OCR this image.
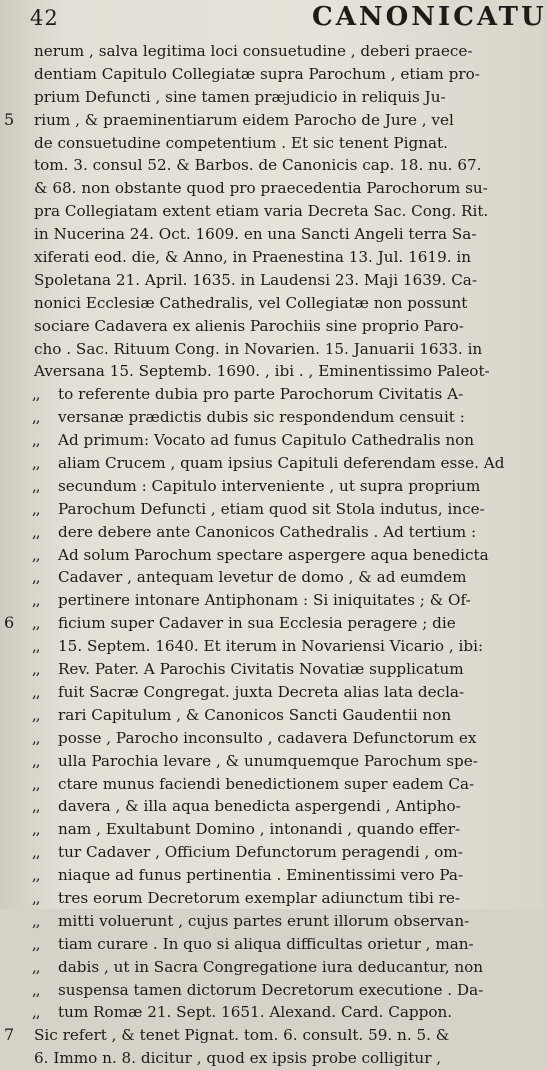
42	CANONICATU
nerum , salva legitima loci consuetudine , deberi praece-
dentiam Capitulo Collegiatæ supra Parochum , etiam pro-
prium Defuncti , sine tamen præjudicio in reliquis Ju-
5 rium , & praeminentiarum eidem Parocho de Jure , vel
de consuetudine competentium . Et sic tenent Pignat.
tom. 3. consul 52. & Barbos. de Canonicis cap. 18. nu. 67.
& 68. non obstante quod pro praecedentia Parochorum su-
pra Collegiatam extent etiam varia Decreta Sac. Cong. Rit.
in Nucerina 24. Oct. 1609. en una Sancti Angeli terra Sa-
xiferati eod. die, & Anno, in Praenestina 13. Jul. 1619. in
Spoletana 21. April. 1635. in Laudensi 23. Maji 1639. Ca-
nonici Ecclesiæ Cathedralis, vel Collegiatæ non possunt
sociare Cadavera ex alienis Parochiis sine proprio Paro-
cho . Sac. Rituum Cong. in Novarien. 15. Januarii 1633. in
Aversana 15. Septemb. 1690. , ibi . , Eminentissimo Paleot-
,, to referente dubia pro parte Parochorum Civitatis A-
,, versanæ prædictis dubis sic respondendum censuit :
,, Ad primum: Vocato ad funus Capitulo Cathedralis non
,, aliam Crucem , quam ipsius Capituli deferendam esse. Ad
,, secundum : Capitulo interveniente , ut supra proprium
,, Parochum Defuncti , etiam quod sit Stola indutus, ince-
,, dere debere ante Canonicos Cathedralis . Ad tertium :
,, Ad solum Parochum spectare aspergere aqua benedicta
,, Cadaver , antequam levetur de domo , & ad eumdem
,, pertinere intonare Antiphonam : Si iniquitates ; & Of-
6 ,, ficium super Cadaver in sua Ecclesia peragere ; die
,, 15. Septem. 1640. Et iterum in Novariensi Vicario , ibi:
,, Rev. Pater. A Parochis Civitatis Novatiæ supplicatum
,, fuit Sacræ Congregat. juxta Decreta alias lata decla-
,, rari Capitulum , & Canonicos Sancti Gaudentii non
,, posse , Parocho inconsulto , cadavera Defunctorum ex
,, ulla Parochia levare , & unumquemque Parochum spe-
,, ctare munus faciendi benedictionem super eadem Ca-
,, davera , & illa aqua benedicta aspergendi , Antipho-
,, nam , Exultabunt Domino , intonandi , quando effer-
,, tur Cadaver , Officium Defunctorum peragendi , om-
,, niaque ad funus pertinentia . Eminentissimi vero Pa-
,, tres eorum Decretorum exemplar adiunctum tibi re-
,, mitti voluerunt , cujus partes erunt illorum observan-
,, tiam curare . In quo si aliqua difficultas orietur , man-
,, dabis , ut in Sacra Congregatione iura deducantur, non
,, suspensa tamen dictorum Decretorum executione . Da-
,, tum Romæ 21. Sept. 1651. Alexand. Card. Cappon.
7 Sic refert , & tenet Pignat. tom. 6. consult. 59. n. 5. &
6. Immo n. 8. dicitur , quod ex ipsis probe colligitur ,
